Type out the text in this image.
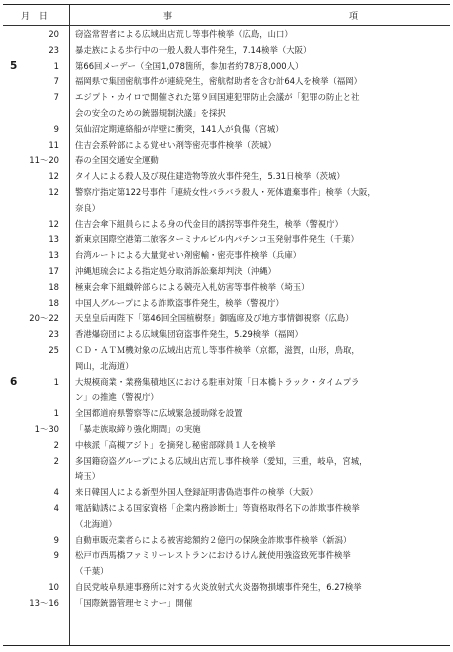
月 日	事	項
20 窃盗常習者による広域出店荒し等事件検挙（広島，山口）
23 暴走族による歩行中の一般人殺人事件発生，7.14検挙（大阪）
5	1 第66回メーデー（全国1,078箇所，参加者約78万8,000人）
7 福岡県で集団密航事件が連続発生，密航幇助者を含む計64人を検挙（福岡）
7 エジプト・カイロで開催された第９回国連犯罪防止会議が「犯罪の防止と社
会の安全のための銃器規制決議」を採択
9 気仙沼定期連絡船が岸壁に衝突，141人が負傷（宮城）
11 住吉会系幹部による覚せい剤等密売事件検挙（茨城）
11～20 春の全国交通安全運動
12 タイ人による殺人及び現住建造物等放火事件発生，5.31日検挙（茨城）
12 警察庁指定第122号事件「連続女性バラバラ殺人・死体遺棄事件」検挙（大阪，
奈良）
12 住吉会傘下組員らによる身の代金目的誘拐等事件発生，検挙（警視庁）
13 新東京国際空港第二旅客ターミナルビル内パチンコ玉発射事件発生（千葉）
13 台湾ルートによる大量覚せい剤密輸・密売事件検挙（兵庫）
17 沖縄旭琉会による指定処分取消訴訟棄却判決（沖縄）
18 極東会傘下組織幹部らによる競売入札妨害等事件検挙（埼玉）
18 中国人グループによる詐欺盗事件発生，検挙（警視庁）
20～22 天皇皇后両陛下「第46回全国植樹祭」御臨席及び地方事情御視察（広島）
23 香港爆窃団による広域集団窃盗事件発生，5.29検挙（福岡）
25 ＣＤ・ＡＴＭ機対象の広域出店荒し等事件検挙（京都，滋賀，山形，鳥取，
岡山，北海道）
6	1 大規模商業・業務集積地区における駐車対策「日本橋トラック・タイムプラ
ン」の推進（警視庁）
1 全国都道府県警察等に広域緊急援助隊を設置
1～30 「暴走族取締り強化期間」の実施
2 中核派「高槻アジト」を摘発し秘密部隊員１人を検挙
2 多国籍窃盗グループによる広域出店荒し事件検挙（愛知，三重，岐阜，宮城，
埼玉）
4 来日韓国人による新型外国人登録証明書偽造事件の検挙（大阪）
4 電話勧誘による国家資格「企業内務診断士」等資格取得名下の詐欺事件検挙
（北海道）
9 自動車販売業者らによる被害総額約２億円の保険金詐欺事件検挙（新潟）
9 松戸市西馬橋ファミリーレストランにおけるけん銃使用強盗致死事件検挙
（千葉）
10 自民党岐阜県連事務所に対する火炎放射式火炎器物損壊事件発生，6.27検挙
13～16 「国際銃器管理セミナー」開催
